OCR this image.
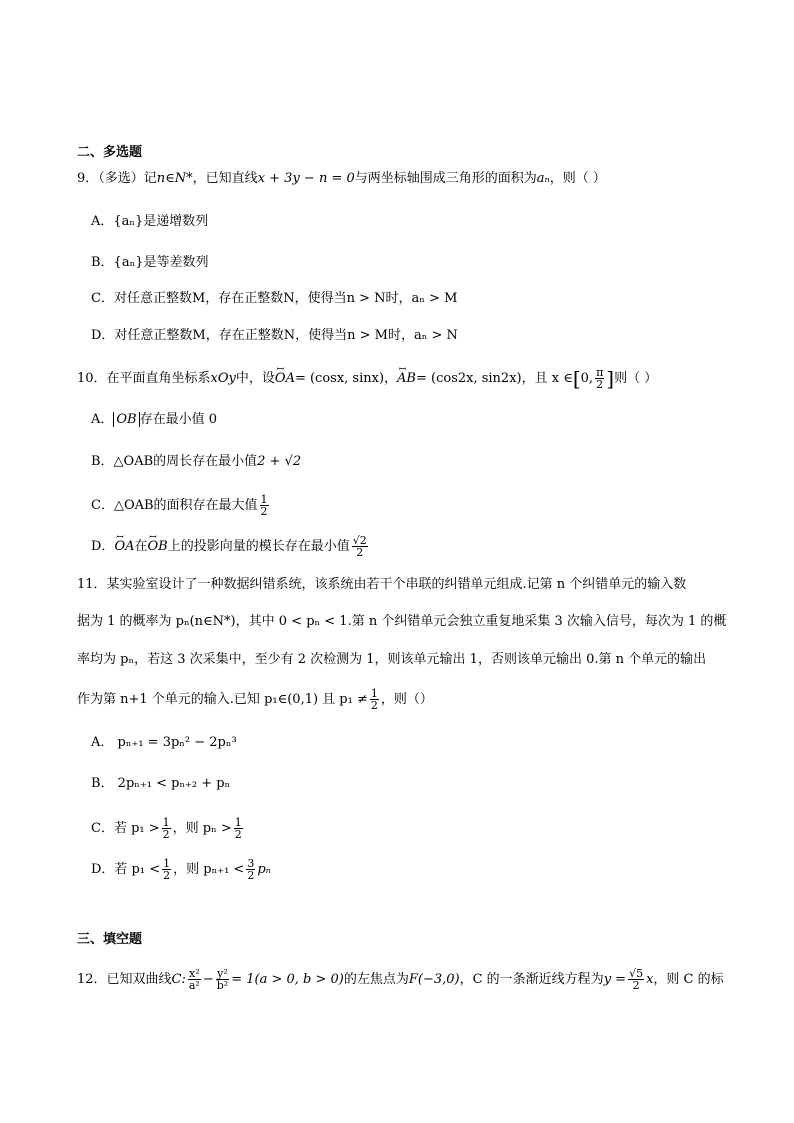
二、多选题
9．（多选）记n∈N*，已知直线x + 3y − n = 0与两坐标轴围成三角形的面积为aₙ，则（ ）
A．{aₙ}是递增数列
B．{aₙ}是等差数列
C．对任意正整数M，存在正整数N，使得当n > N时，aₙ > M
D．对任意正整数M，存在正整数N，使得当n > M时，aₙ > N
10．在平面直角坐标系xOy中，设ꟷ OA= (cosx, sinx)，ꟷ AB= (cos2x, sin2x)，且 x ∈[0, $\frac{\pi}{2}$ ]则（ ）
A． OB 存在最小值 0
B．△OAB的周长存在最小值2 + √2
C．△OAB的面积存在最大值 $\frac{1}{2}$
D．ꟷ OA在ꟷ OB上的投影向量的模长存在最小值 $\frac{√2}{2}$
11．某实验室设计了一种数据纠错系统，该系统由若干个串联的纠错单元组成.记第 n 个纠错单元的输入数
据为 1 的概率为 pₙ(n∈N*)，其中 0 < pₙ < 1.第 n 个纠错单元会独立重复地采集 3 次输入信号，每次为 1 的概
率均为 pₙ，若这 3 次采集中，至少有 2 次检测为 1，则该单元输出 1，否则该单元输出 0.第 n 个单元的输出
作为第 n+1 个单元的输入.已知 p₁∈(0,1) 且 $p_1 \ne \frac{1}{2}$ ，则（）
A． pₙ₊₁ = 3pₙ² − 2pₙ³
B． 2pₙ₊₁ < pₙ₊₂ + pₙ
C．若 $p_1 > \frac{1}{2}$ ，则 $p_n > \frac{1}{2}$
D．若 $p_1 < \frac{1}{2}$ ，则 $p_{n+1} < \frac{3}{2}$ pₙ
三、填空题
12．已知双曲线C: $\frac{\text{x²}}{\text{a²}} - \frac{\text{y²}}{\text{b²}} = 1(a > 0$, b > 0)的左焦点为F(−3,0)，C 的一条渐近线方程为$y = \frac{√5}{2}$ x，则 C 的标
